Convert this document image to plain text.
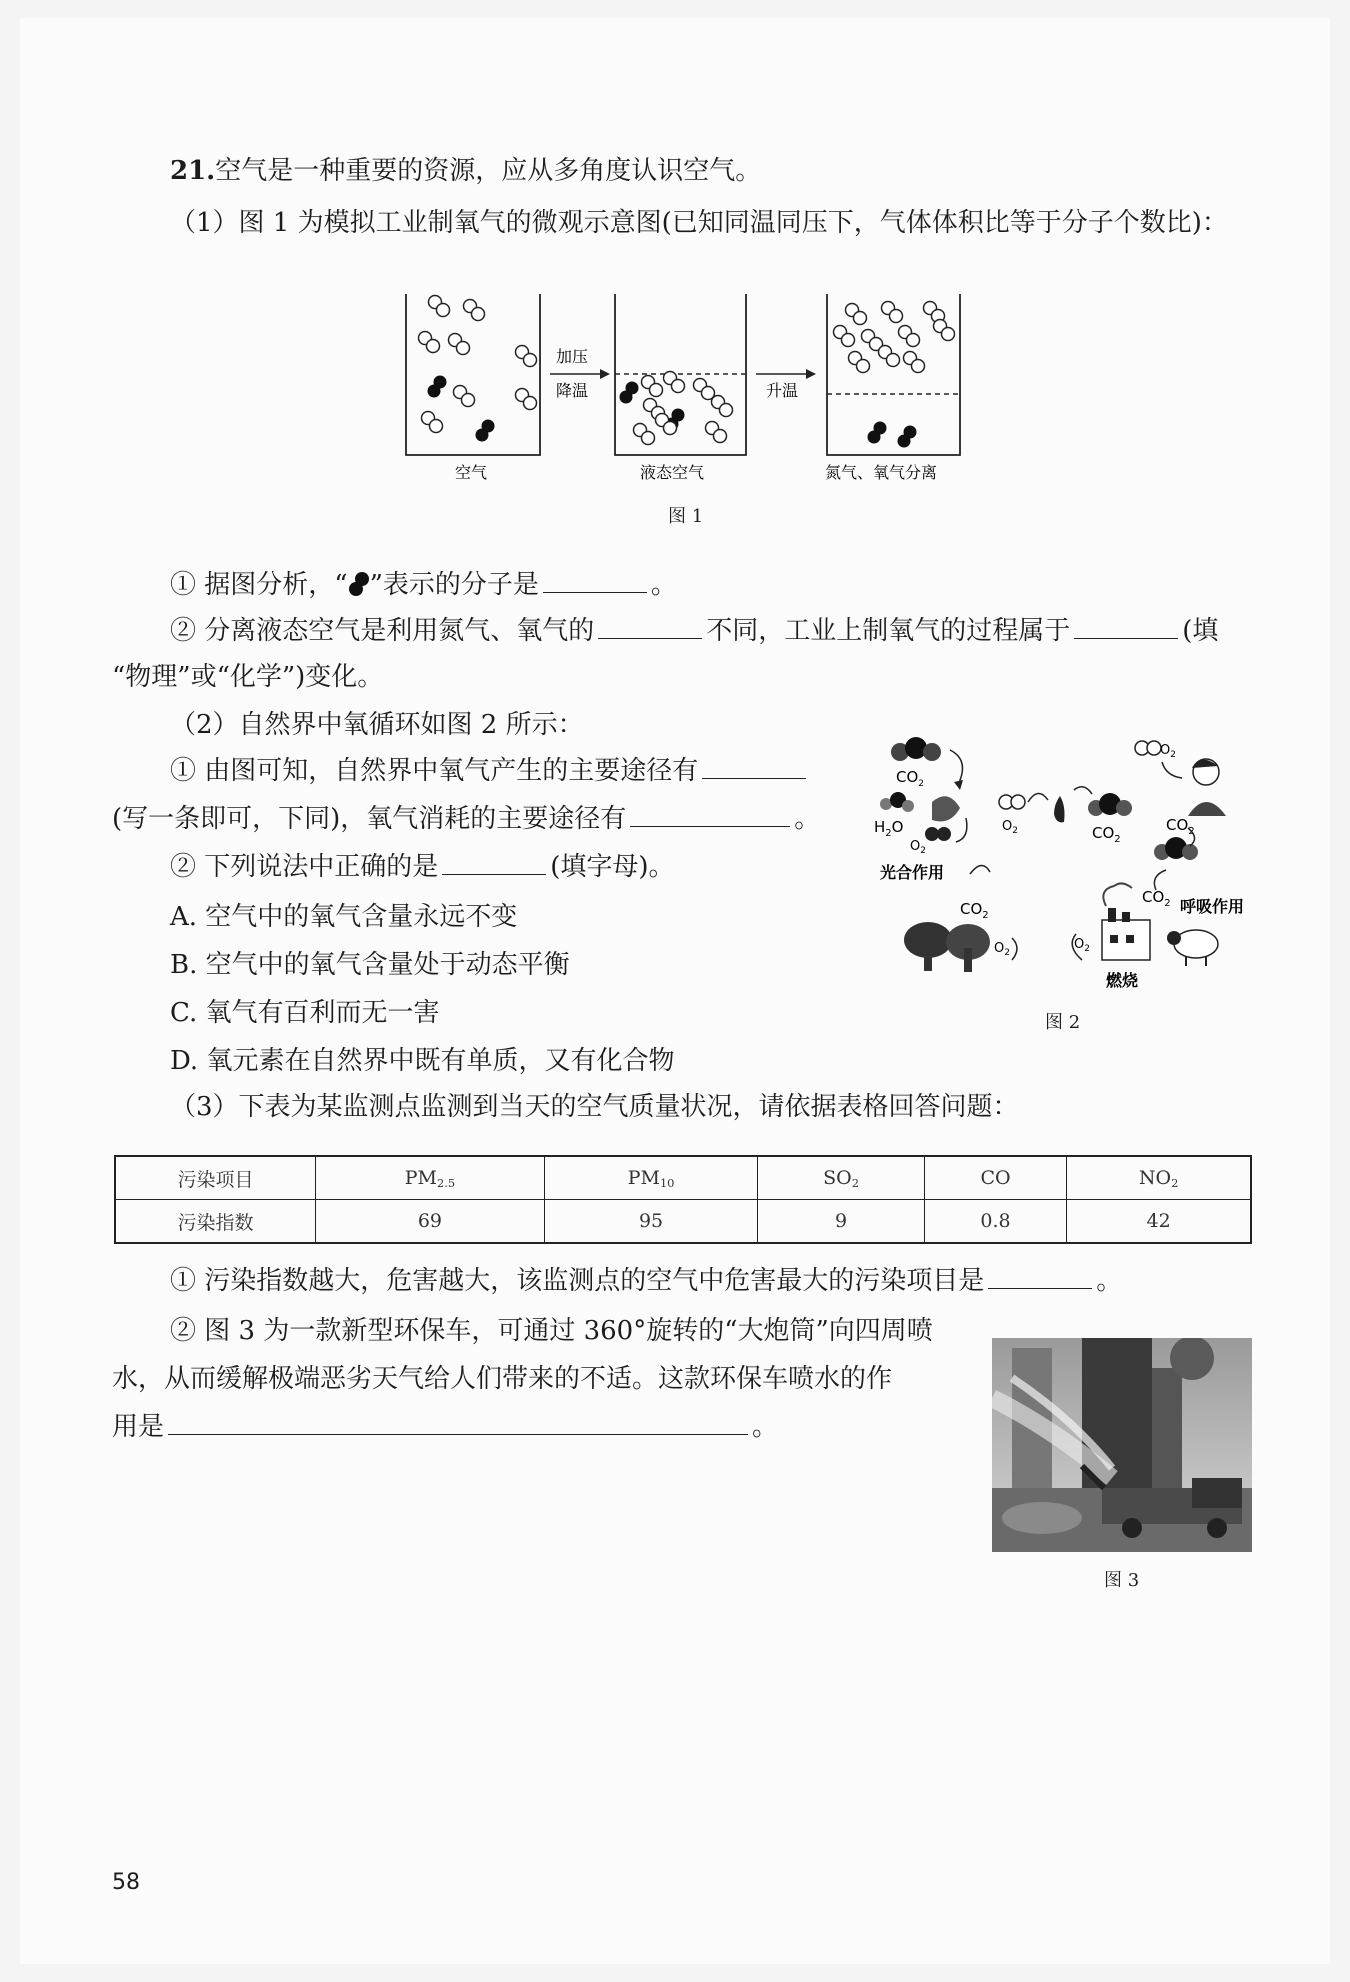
21.空气是一种重要的资源，应从多角度认识空气。
（1）图 1 为模拟工业制氧气的微观示意图(已知同温同压下，气体体积比等于分子个数比)：
加压
降温	升温
空气	液态空气	氮气、氧气分离
图 1
① 据图分析，“ ”表示的分子是	。
② 分离液态空气是利用氮气、氧气的	不同，工业上制氧气的过程属于	(填
“物理”或“化学”)变化。
（2）自然界中氧循环如图 2 所示：
① 由图可知，自然界中氧气产生的主要途径有
(写一条即可，下同)，氧气消耗的主要途径有	。
② 下列说法中正确的是	(填字母)。
A. 空气中的氧气含量永远不变
B. 空气中的氧气含量处于动态平衡
C. 氧气有百利而无一害
D. 氧元素在自然界中既有单质，又有化合物
$CO_2$
$H_2O$
$O_2$
光合作用
$CO_2$
$O_2$
$O_2$	$CO_2$
$O_2$
$CO_2$
$CO_2$ 呼吸作用
$O_2$
燃烧
图 2
（3）下表为某监测点监测到当天的空气质量状况，请依据表格回答问题：
污染项目	PM2.5	PM10	SO2	CO	NO2
污染指数	69	95	9	0.8	42
① 污染指数越大，危害越大，该监测点的空气中危害最大的污染项目是	。
② 图 3 为一款新型环保车，可通过 360°旋转的“大炮筒”向四周喷
水，从而缓解极端恶劣天气给人们带来的不适。这款环保车喷水的作
用是	。
图 3
58
